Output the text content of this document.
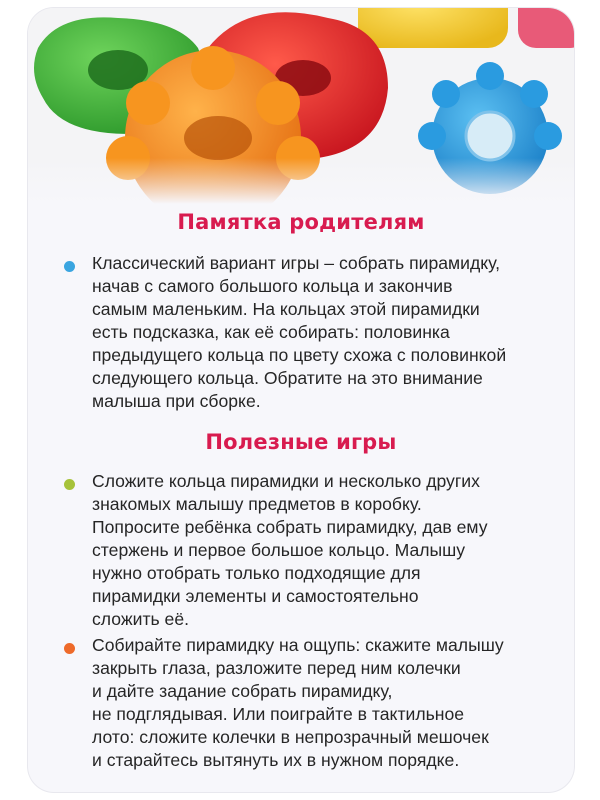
Памятка родителям

Классический вариант игры – собрать пирамидку,
начав с самого большого кольца и закончив
самым маленьким. На кольцах этой пирамидки
есть подсказка, как её собирать: половинка
предыдущего кольца по цвету схожа с половинкой
следующего кольца. Обратите на это внимание
малыша при сборке.

Полезные игры

Сложите кольца пирамидки и несколько других
знакомых малышу предметов в коробку.
Попросите ребёнка собрать пирамидку, дав ему
стержень и первое большое кольцо. Малышу
нужно отобрать только подходящие для
пирамидки элементы и самостоятельно
сложить её.

Собирайте пирамидку на ощупь: скажите малышу
закрыть глаза, разложите перед ним колечки
и дайте задание собрать пирамидку,
не подглядывая. Или поиграйте в тактильное
лото: сложите колечки в непрозрачный мешочек
и старайтесь вытянуть их в нужном порядке.
